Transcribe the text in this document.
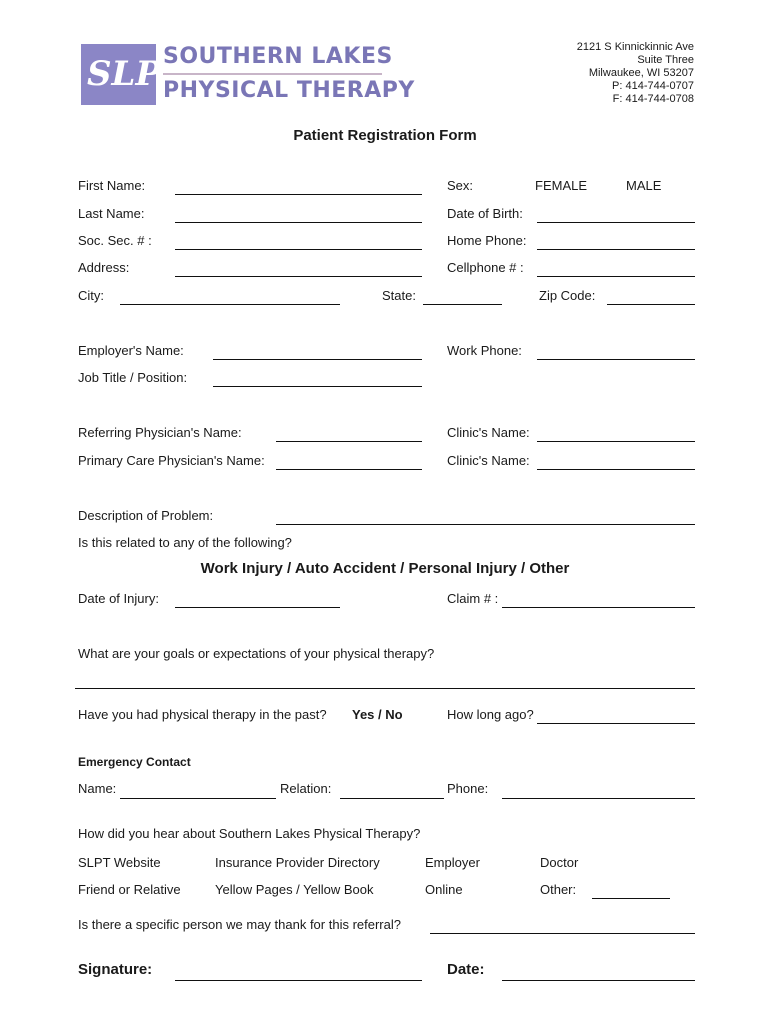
SLPT
SOUTHERN LAKES
PHYSICAL THERAPY
2121 S Kinnickinnic Ave
Suite Three
Milwaukee, WI 53207
P: 414-744-0707
F: 414-744-0708
Patient Registration Form
First Name:	Sex:	FEMALE	MALE
Last Name:	Date of Birth:
Soc. Sec. # :	Home Phone:
Address:	Cellphone # :
City:	State:	Zip Code:
Employer's Name:	Work Phone:
Job Title / Position:
Referring Physician's Name:	Clinic's Name:
Primary Care Physician's Name:	Clinic's Name:
Description of Problem:
Is this related to any of the following?
Work Injury / Auto Accident / Personal Injury / Other
Date of Injury:	Claim # :
What are your goals or expectations of your physical therapy?
Have you had physical therapy in the past? Yes / No	How long ago?
Emergency Contact
Name:	Relation:	Phone:
How did you hear about Southern Lakes Physical Therapy?
SLPT Website	Insurance Provider Directory	Employer	Doctor
Friend or Relative	Yellow Pages / Yellow Book	Online	Other:
Is there a specific person we may thank for this referral?
Signature:	Date:
